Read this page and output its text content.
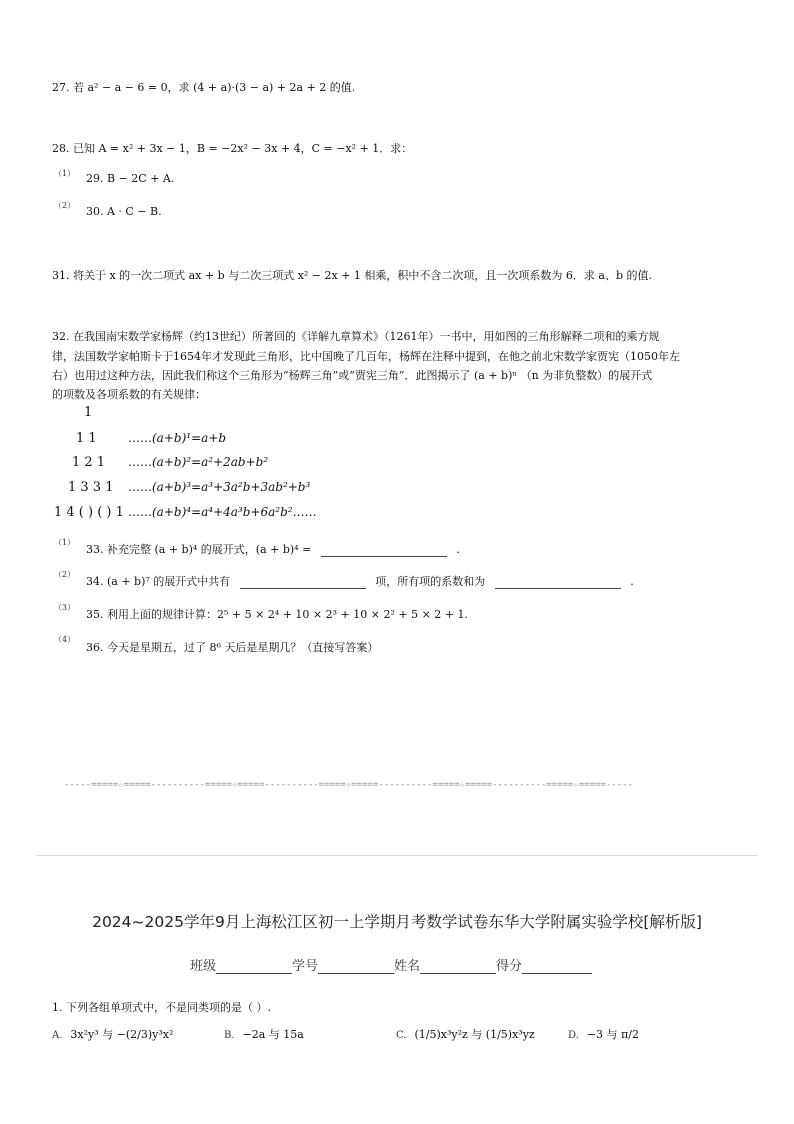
27. 若 a² − a − 6 = 0，求 (4 + a)·(3 − a) + 2a + 2 的值.
28. 已知 A = x² + 3x − 1，B = −2x² − 3x + 4，C = −x² + 1．求：
（1） 29. B − 2C + A.
（2） 30. A · C − B.
31. 将关于 x 的一次二项式 ax + b 与二次三项式 x² − 2x + 1 相乘，积中不含二次项，且一次项系数为 6．求 a、b 的值.
32. 在我国南宋数学家杨辉（约13世纪）所著回的《详解九章算术》（1261年）一书中，用如图的三角形解释二项和的乘方规
律，法国数学家帕斯卡于1654年才发现此三角形，比中国晚了几百年，杨辉在注释中提到，在他之前北宋数学家贾宪（1050年左
右）也用过这种方法，因此我们称这个三角形为“杨辉三角”或“贾宪三角”．此图揭示了 (a + b)ⁿ （n 为非负整数）的展开式
的项数及各项系数的有关规律：
1
1 1	……(a+b)¹=a+b
1 2 1 ……(a+b)²=a²+2ab+b²
1 3 3 1 ……(a+b)³=a³+3a²b+3ab²+b³
1 4 ( ) ( ) 1 ……(a+b)⁴=a⁴+4a³b+6a²b²……
（1）
33. 补充完整 (a + b)⁴ 的展开式，(a + b)⁴ =	.
（2）
34. (a + b)⁷ 的展开式中共有	项，所有项的系数和为	.
（3）
35. 利用上面的规律计算：2⁵ + 5 × 2⁴ + 10 × 2³ + 10 × 2² + 5 × 2 + 1.
（4）
36. 今天是星期五，过了 8⁶ 天后是星期几？（直接写答案）
-----=====☆=====----------=====☆=====----------=====☆=====----------=====☆=====----------=====☆=====-----
2024~2025学年9月上海松江区初一上学期月考数学试卷东华大学附属实验学校[解析版]
班级	学号	姓名	得分
1. 下列各组单项式中，不是同类项的是（ ）.
A. 3x²y³ 与 −(2/3)y³x²	B. −2a 与 15a	C. (1/5)x³y²z 与 (1/5)x³yz	D. −3 与 π/2
